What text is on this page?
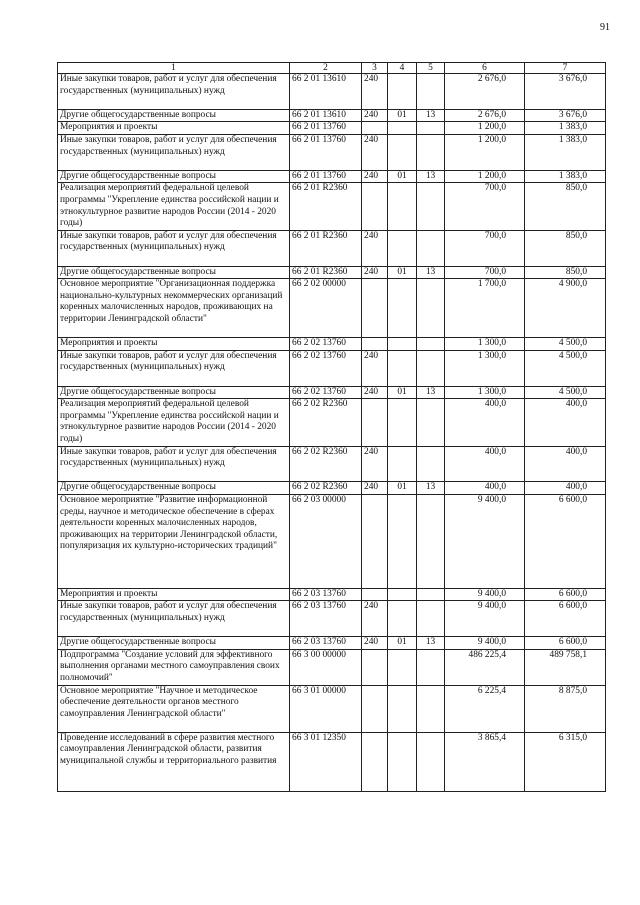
91
1	2	3	4	5	6	7
Иные закупки товаров, работ и услуг для обеспечения государственных (муниципальных) нужд	66 2 01 13610	240			2 676,0	3 676,0
Другие общегосударственные вопросы	66 2 01 13610	240	01	13	2 676,0	3 676,0
Мероприятия и проекты	66 2 01 13760				1 200,0	1 383,0
Иные закупки товаров, работ и услуг для обеспечения государственных (муниципальных) нужд	66 2 01 13760	240			1 200,0	1 383,0
Другие общегосударственные вопросы	66 2 01 13760	240	01	13	1 200,0	1 383,0
Реализация мероприятий федеральной целевой программы "Укрепление единства российской нации и этнокультурное развитие народов России (2014 - 2020 годы)	66 2 01 R2360				700,0	850,0
Иные закупки товаров, работ и услуг для обеспечения государственных (муниципальных) нужд	66 2 01 R2360	240			700,0	850,0
Другие общегосударственные вопросы	66 2 01 R2360	240	01	13	700,0	850,0
Основное мероприятие "Организационная поддержка национально-культурных некоммерческих организаций коренных малочисленных народов, проживающих на территории Ленинградской области"	66 2 02 00000				1 700,0	4 900,0
Мероприятия и проекты	66 2 02 13760				1 300,0	4 500,0
Иные закупки товаров, работ и услуг для обеспечения государственных (муниципальных) нужд	66 2 02 13760	240			1 300,0	4 500,0
Другие общегосударственные вопросы	66 2 02 13760	240	01	13	1 300,0	4 500,0
Реализация мероприятий федеральной целевой программы "Укрепление единства российской нации и этнокультурное развитие народов России (2014 - 2020 годы)	66 2 02 R2360				400,0	400,0
Иные закупки товаров, работ и услуг для обеспечения государственных (муниципальных) нужд	66 2 02 R2360	240			400,0	400,0
Другие общегосударственные вопросы	66 2 02 R2360	240	01	13	400,0	400,0
Основное мероприятие "Развитие информационной среды, научное и методическое обеспечение в сферах деятельности коренных малочисленных народов, проживающих на территории Ленинградской области, популяризация их культурно-исторических традиций"	66 2 03 00000				9 400,0	6 600,0
Мероприятия и проекты	66 2 03 13760				9 400,0	6 600,0
Иные закупки товаров, работ и услуг для обеспечения государственных (муниципальных) нужд	66 2 03 13760	240			9 400,0	6 600,0
Другие общегосударственные вопросы	66 2 03 13760	240	01	13	9 400,0	6 600,0
Подпрограмма "Создание условий для эффективного выполнения органами местного самоуправления своих полномочий"	66 3 00 00000				486 225,4	489 758,1
Основное мероприятие "Научное и методическое обеспечение деятельности органов местного самоуправления Ленинградской области"	66 3 01 00000				6 225,4	8 875,0
Проведение исследований в сфере развития местного самоуправления Ленинградской области, развития муниципальной службы и территориального развития	66 3 01 12350				3 865,4	6 315,0
